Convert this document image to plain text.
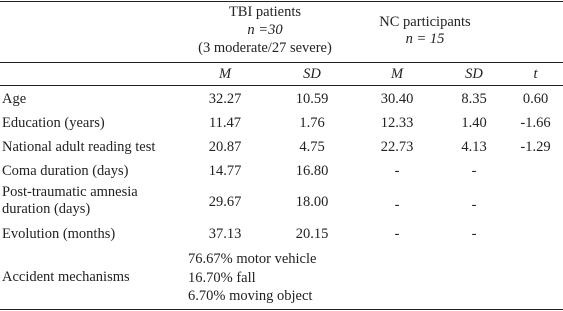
TBI patients
n =30
(3 moderate/27 severe)
NC participants
n = 15
M	SD	M	SD	t
Age	32.27	10.59	30.40	8.35	0.60
Education (years)	11.47	1.76	12.33	1.40	-1.66
National adult reading test	20.87	4.75	22.73	4.13	-1.29
Coma duration (days)	14.77	16.80	-	-
Post-traumatic amnesia
duration (days)	29.67	18.00	-	-
Evolution (months)	37.13	20.15	-	-
Accident mechanisms
76.67% motor vehicle
16.70% fall
6.70% moving object
